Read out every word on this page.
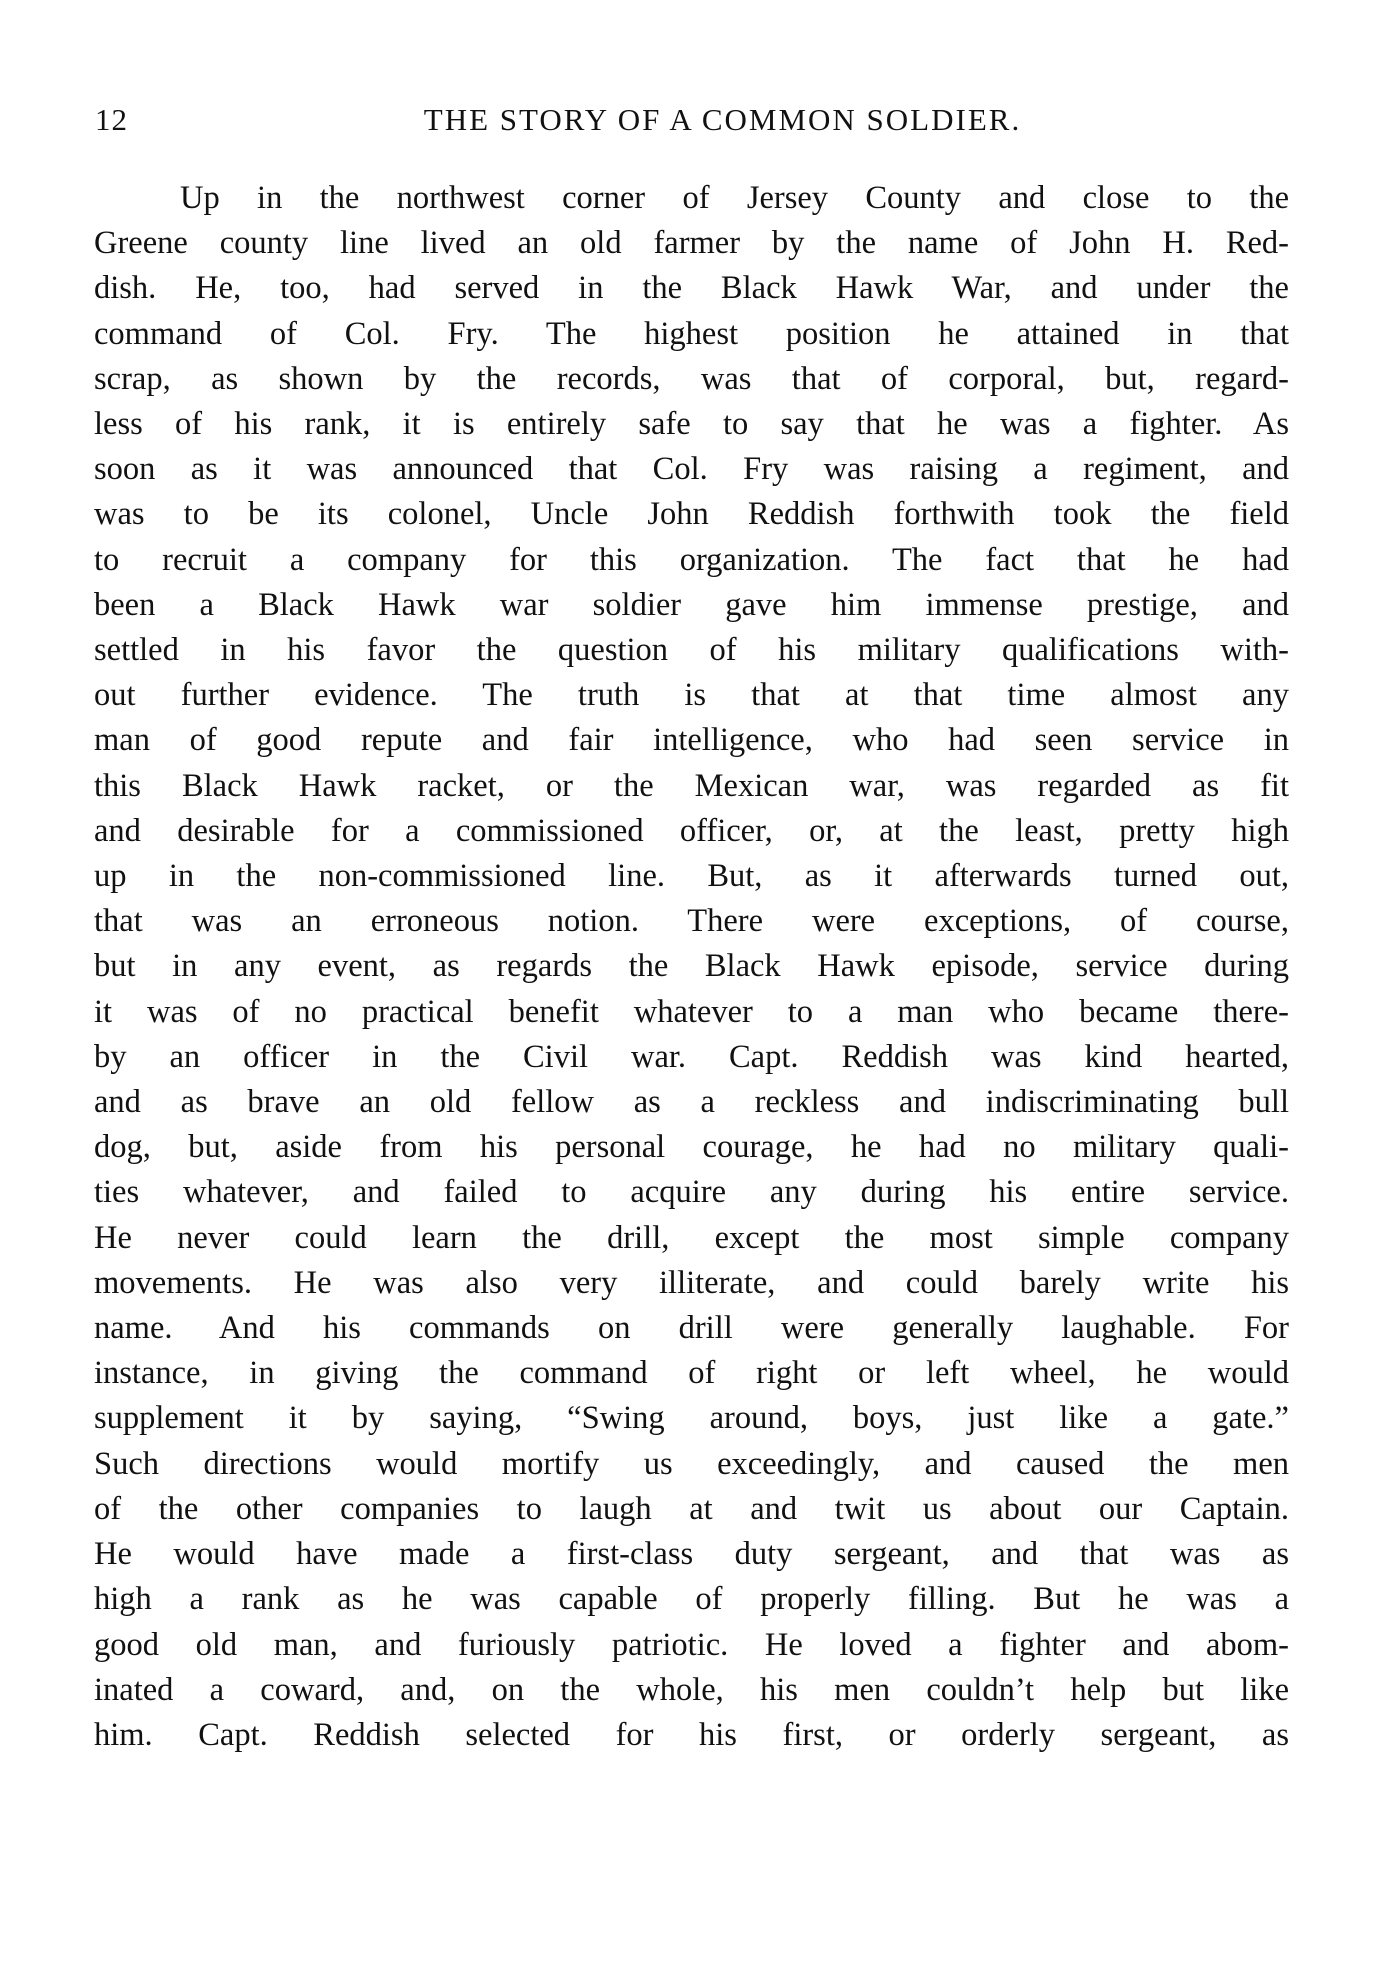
12	THE STORY OF A COMMON SOLDIER.
Up in the northwest corner of Jersey County and close to the
Greene county line lived an old farmer by the name of John H. Red-
dish. He, too, had served in the Black Hawk War, and under the
command of Col. Fry. The highest position he attained in that
scrap, as shown by the records, was that of corporal, but, regard-
less of his rank, it is entirely safe to say that he was a fighter. As
soon as it was announced that Col. Fry was raising a regiment, and
was to be its colonel, Uncle John Reddish forthwith took the field
to recruit a company for this organization. The fact that he had
been a Black Hawk war soldier gave him immense prestige, and
settled in his favor the question of his military qualifications with-
out further evidence. The truth is that at that time almost any
man of good repute and fair intelligence, who had seen service in
this Black Hawk racket, or the Mexican war, was regarded as fit
and desirable for a commissioned officer, or, at the least, pretty high
up in the non-commissioned line. But, as it afterwards turned out,
that was an erroneous notion. There were exceptions, of course,
but in any event, as regards the Black Hawk episode, service during
it was of no practical benefit whatever to a man who became there-
by an officer in the Civil war. Capt. Reddish was kind hearted,
and as brave an old fellow as a reckless and indiscriminating bull
dog, but, aside from his personal courage, he had no military quali-
ties whatever, and failed to acquire any during his entire service.
He never could learn the drill, except the most simple company
movements. He was also very illiterate, and could barely write his
name. And his commands on drill were generally laughable. For
instance, in giving the command of right or left wheel, he would
supplement it by saying, “Swing around, boys, just like a gate.”
Such directions would mortify us exceedingly, and caused the men
of the other companies to laugh at and twit us about our Captain.
He would have made a first-class duty sergeant, and that was as
high a rank as he was capable of properly filling. But he was a
good old man, and furiously patriotic. He loved a fighter and abom-
inated a coward, and, on the whole, his men couldn’t help but like
him. Capt. Reddish selected for his first, or orderly sergeant, as
